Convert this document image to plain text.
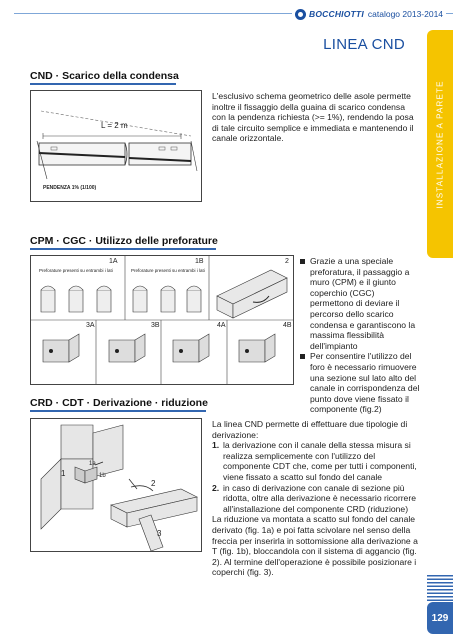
BOCCHIOTTI catalogo 2013-2014
LINEA CND
INSTALLAZIONE A PARETE
129
CND · Scarico della condensa
L = 2 m
PENDENZA 1% (1/100)
L'esclusivo schema geometrico delle asole permette inoltre il fissaggio della guaina di scarico condensa con la pendenza richiesta (>= 1%), rendendo la posa di tale circuito semplice e immediata e mantenendo il canale orizzontale.
CPM · CGC · Utilizzo delle preforature
1A	1B	2
3A	3B	4A	4B
Preforature presenti su entrambi i lati	Preforature presenti su entrambi i lati
Grazie a una speciale preforatura, il passaggio a muro (CPM) e il giunto coperchio (CGC) permettono di deviare il percorso dello scarico condensa e garantiscono la massima flessibilità dell'impianto
Per consentire l'utilizzo del foro è necessario rimuovere una sezione sul lato alto del canale in corrispondenza del punto dove viene fissato il componente (fig.2)
CRD · CDT · Derivazione · riduzione
1
1a
1b
2
3

La linea CND permette di effettuare due tipologie di derivazione:

1. la derivazione con il canale della stessa misura si realizza semplicemente con l'utilizzo del componente CDT che, come per tutti i componenti, viene fissato a scatto sul fondo del canale
2. in caso di derivazione con canale di sezione più ridotta, oltre alla derivazione è necessario ricorrere all'installazione del componente CRD (riduzione)

La riduzione va montata a scatto sul fondo del canale derivato (fig. 1a) e poi fatta scivolare nel senso della freccia per inserirla in sottomissione alla derivazione a T (fig. 1b), bloccandola con il sistema di aggancio (fig. 2). Al termine dell'operazione è possibile posizionare i coperchi (fig. 3).
